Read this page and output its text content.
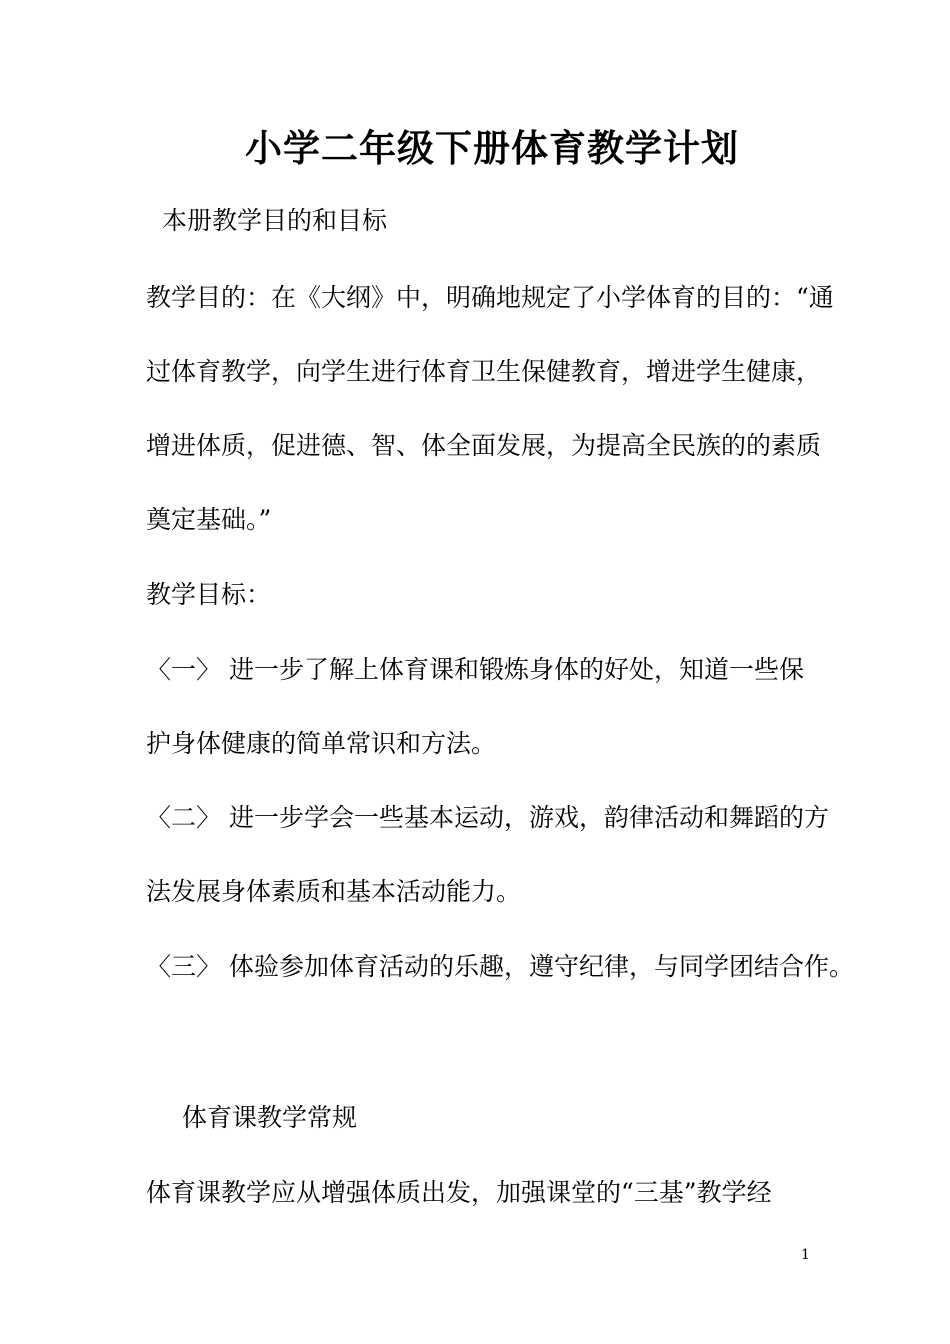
小学二年级下册体育教学计划
本册教学目的和目标
教学目的：在《大纲》中，明确地规定了小学体育的目的：“通
过体育教学，向学生进行体育卫生保健教育，增进学生健康，
增进体质，促进德、智、体全面发展，为提高全民族的的素质
奠定基础。”
教学目标：
〈一〉 进一步了解上体育课和锻炼身体的好处，知道一些保
护身体健康的简单常识和方法。
〈二〉 进一步学会一些基本运动，游戏，韵律活动和舞蹈的方
法发展身体素质和基本活动能力。
〈三〉 体验参加体育活动的乐趣，遵守纪律，与同学团结合作。
体育课教学常规
体育课教学应从增强体质出发，加强课堂的“三基”教学经
1
